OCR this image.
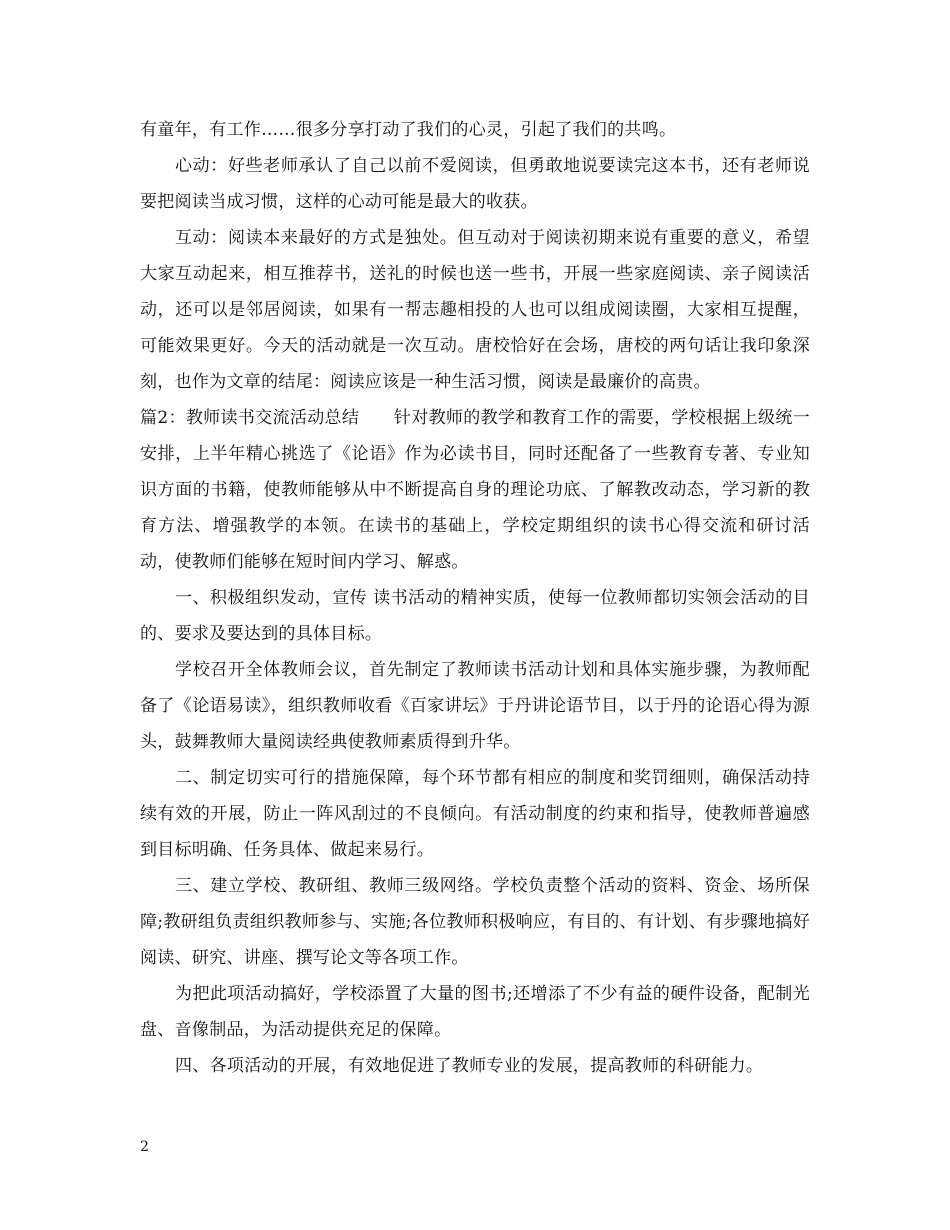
有童年，有工作……很多分享打动了我们的心灵，引起了我们的共鸣。

心动：好些老师承认了自己以前不爱阅读，但勇敢地说要读完这本书，还有老师说要把阅读当成习惯，这样的心动可能是最大的收获。

互动：阅读本来最好的方式是独处。但互动对于阅读初期来说有重要的意义，希望大家互动起来，相互推荐书，送礼的时候也送一些书，开展一些家庭阅读、亲子阅读活动，还可以是邻居阅读，如果有一帮志趣相投的人也可以组成阅读圈，大家相互提醒，可能效果更好。今天的活动就是一次互动。唐校恰好在会场，唐校的两句话让我印象深刻，也作为文章的结尾：阅读应该是一种生活习惯，阅读是最廉价的高贵。

篇2：教师读书交流活动总结　　针对教师的教学和教育工作的需要，学校根据上级统一安排，上半年精心挑选了《论语》作为必读书目，同时还配备了一些教育专著、专业知识方面的书籍，使教师能够从中不断提高自身的理论功底、了解教改动态，学习新的教育方法、增强教学的本领。在读书的基础上，学校定期组织的读书心得交流和研讨活动，使教师们能够在短时间内学习、解惑。

一、积极组织发动，宣传 读书活动的精神实质，使每一位教师都切实领会活动的目的、要求及要达到的具体目标。

学校召开全体教师会议，首先制定了教师读书活动计划和具体实施步骤，为教师配备了《论语易读》，组织教师收看《百家讲坛》于丹讲论语节目，以于丹的论语心得为源头，鼓舞教师大量阅读经典使教师素质得到升华。

二、制定切实可行的措施保障，每个环节都有相应的制度和奖罚细则，确保活动持续有效的开展，防止一阵风刮过的不良倾向。有活动制度的约束和指导，使教师普遍感到目标明确、任务具体、做起来易行。

三、建立学校、教研组、教师三级网络。学校负责整个活动的资料、资金、场所保障;教研组负责组织教师参与、实施;各位教师积极响应，有目的、有计划、有步骤地搞好阅读、研究、讲座、撰写论文等各项工作。

为把此项活动搞好，学校添置了大量的图书;还增添了不少有益的硬件设备，配制光盘、音像制品，为活动提供充足的保障。

四、各项活动的开展，有效地促进了教师专业的发展，提高教师的科研能力。

2
